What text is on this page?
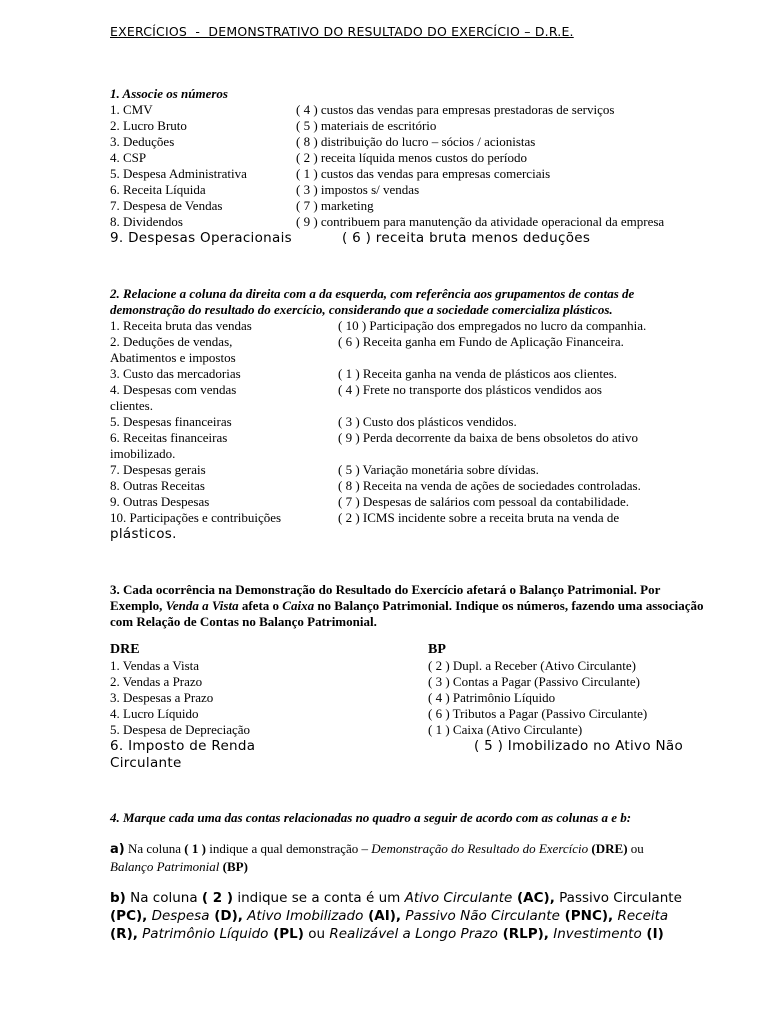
EXERCÍCIOS  -  DEMONSTRATIVO DO RESULTADO DO EXERCÍCIO – D.R.E.
1. Associe os números
1. CMV	( 4 ) custos das vendas para empresas prestadoras de serviços
2. Lucro Bruto	( 5 ) materiais de escritório
3. Deduções	( 8 ) distribuição do lucro – sócios / acionistas
4. CSP	( 2 ) receita líquida menos custos do período
5. Despesa Administrativa	( 1 ) custos das vendas para empresas comerciais
6. Receita Líquida	( 3 ) impostos s/ vendas
7. Despesa de Vendas	( 7 ) marketing
8. Dividendos	( 9 ) contribuem para manutenção da atividade operacional da empresa
9. Despesas Operacionais	( 6 ) receita bruta menos deduções
2. Relacione a coluna da direita com a da esquerda, com referência aos grupamentos de contas de demonstração do resultado do exercício, considerando que a sociedade comercializa plásticos.
1. Receita bruta das vendas	( 10 ) Participação dos empregados no lucro da companhia.
2. Deduções de vendas,	( 6 ) Receita ganha em Fundo de Aplicação Financeira.
Abatimentos e impostos
3. Custo das mercadorias	( 1 ) Receita ganha na venda de plásticos aos clientes.
4. Despesas com vendas	( 4 ) Frete no transporte dos plásticos vendidos aos
clientes.
5. Despesas financeiras	( 3 ) Custo dos plásticos vendidos.
6. Receitas financeiras	( 9 ) Perda decorrente da baixa de bens obsoletos do ativo
imobilizado.
7. Despesas gerais	( 5 ) Variação monetária sobre dívidas.
8. Outras Receitas	( 8 ) Receita na venda de ações de sociedades controladas.
9. Outras Despesas	( 7 ) Despesas de salários com pessoal da contabilidade.
10. Participações e contribuições	( 2 ) ICMS incidente sobre a receita bruta na venda de
plásticos.
3. Cada ocorrência na Demonstração do Resultado do Exercício afetará o Balanço Patrimonial. Por Exemplo, Venda a Vista afeta o Caixa no Balanço Patrimonial. Indique os números, fazendo uma associação com Relação de Contas no Balanço Patrimonial.
DRE	BP
1. Vendas a Vista	( 2 ) Dupl. a Receber (Ativo Circulante)
2. Vendas a Prazo	( 3 ) Contas a Pagar (Passivo Circulante)
3. Despesas a Prazo	( 4 ) Patrimônio Líquido
4. Lucro Líquido	( 6 ) Tributos a Pagar (Passivo Circulante)
5. Despesa de Depreciação	( 1 ) Caixa (Ativo Circulante)
6. Imposto de Renda	( 5 ) Imobilizado no Ativo Não
Circulante
4. Marque cada uma das contas relacionadas no quadro a seguir de acordo com as colunas a e b:

a) Na coluna ( 1 ) indique a qual demonstração – Demonstração do Resultado do Exercício (DRE) ou
Balanço Patrimonial (BP)

b) Na coluna ( 2 ) indique se a conta é um Ativo Circulante (AC), Passivo Circulante
(PC), Despesa (D), Ativo Imobilizado (AI), Passivo Não Circulante (PNC), Receita
(R), Patrimônio Líquido (PL) ou Realizável a Longo Prazo (RLP), Investimento (I)
